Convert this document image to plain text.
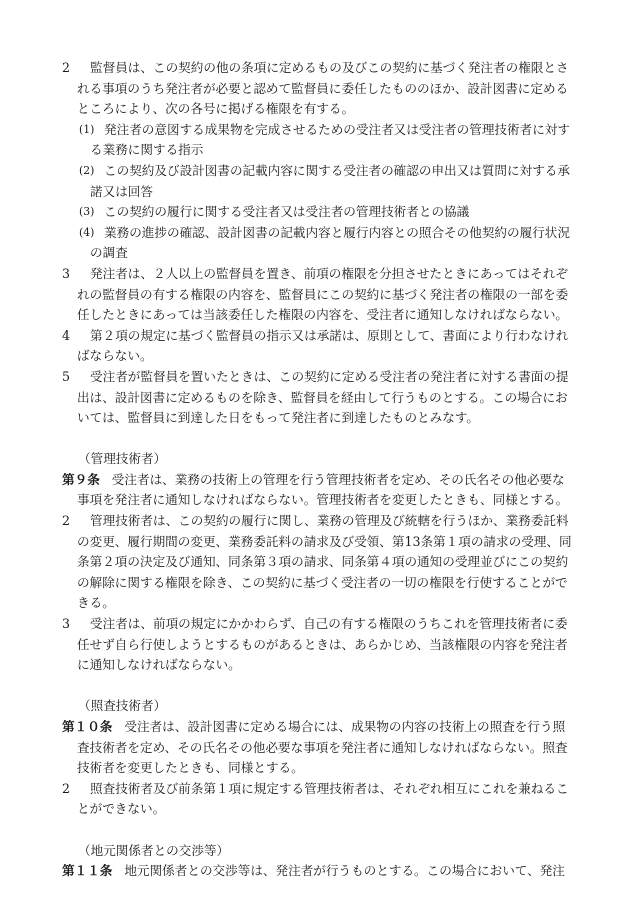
2 監督員は、この契約の他の条項に定めるもの及びこの契約に基づく発注者の権限とさ
れる事項のうち発注者が必要と認めて監督員に委任したもののほか、設計図書に定める
ところにより、次の各号に掲げる権限を有する。
(1) 発注者の意図する成果物を完成させるための受注者又は受注者の管理技術者に対す
る業務に関する指示
(2) この契約及び設計図書の記載内容に関する受注者の確認の申出又は質問に対する承
諾又は回答
(3) この契約の履行に関する受注者又は受注者の管理技術者との協議
(4) 業務の進捗の確認、設計図書の記載内容と履行内容との照合その他契約の履行状況
の調査
3 発注者は、２人以上の監督員を置き、前項の権限を分担させたときにあってはそれぞ
れの監督員の有する権限の内容を、監督員にこの契約に基づく発注者の権限の一部を委
任したときにあっては当該委任した権限の内容を、受注者に通知しなければならない。
4 第２項の規定に基づく監督員の指示又は承諾は、原則として、書面により行わなけれ
ばならない。
5 受注者が監督員を置いたときは、この契約に定める受注者の発注者に対する書面の提
出は、設計図書に定めるものを除き、監督員を経由して行うものとする。この場合にお
いては、監督員に到達した日をもって発注者に到達したものとみなす。
（管理技術者）
第９条 受注者は、業務の技術上の管理を行う管理技術者を定め、その氏名その他必要な
事項を発注者に通知しなければならない。管理技術者を変更したときも、同様とする。
2 管理技術者は、この契約の履行に関し、業務の管理及び統轄を行うほか、業務委託料
の変更、履行期間の変更、業務委託料の請求及び受領、第13条第１項の請求の受理、同
条第２項の決定及び通知、同条第３項の請求、同条第４項の通知の受理並びにこの契約
の解除に関する権限を除き、この契約に基づく受注者の一切の権限を行使することがで
きる。
3 受注者は、前項の規定にかかわらず、自己の有する権限のうちこれを管理技術者に委
任せず自ら行使しようとするものがあるときは、あらかじめ、当該権限の内容を発注者
に通知しなければならない。
（照査技術者）
第１０条 受注者は、設計図書に定める場合には、成果物の内容の技術上の照査を行う照
査技術者を定め、その氏名その他必要な事項を発注者に通知しなければならない。照査
技術者を変更したときも、同様とする。
2 照査技術者及び前条第１項に規定する管理技術者は、それぞれ相互にこれを兼ねるこ
とができない。
（地元関係者との交渉等）
第１１条 地元関係者との交渉等は、発注者が行うものとする。この場合において、発注
